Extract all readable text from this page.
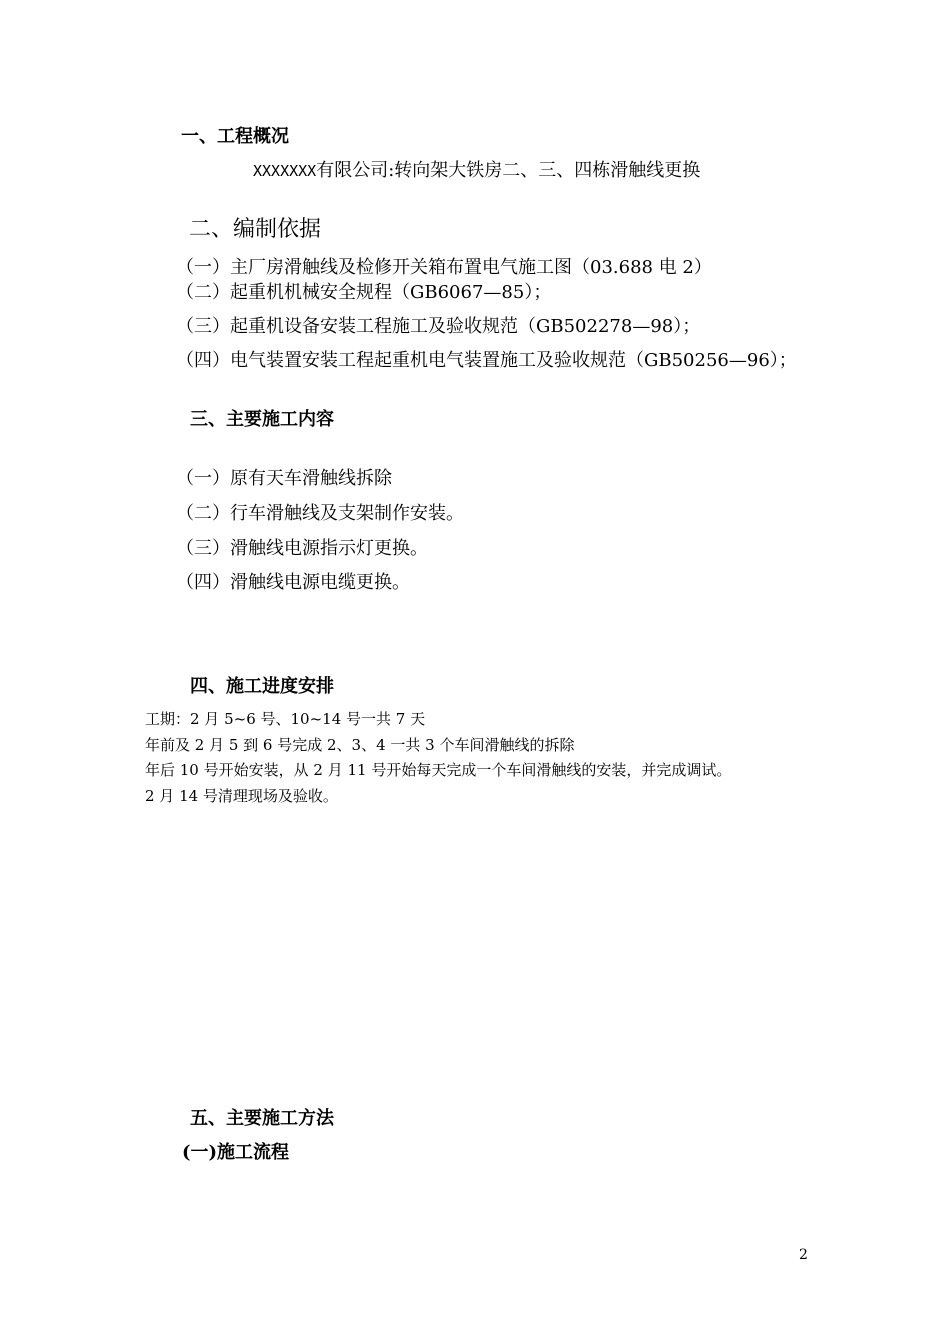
一、工程概况
XXXXXXX有限公司:转向架大铁房二、三、四栋滑触线更换
二、编制依据
（一）主厂房滑触线及检修开关箱布置电气施工图（03.688 电 2）
（二）起重机机械安全规程（GB6067—85）；
（三）起重机设备安装工程施工及验收规范（GB502278—98）；
（四）电气装置安装工程起重机电气装置施工及验收规范（GB50256—96）；
三、主要施工内容
（一）原有天车滑触线拆除
（二）行车滑触线及支架制作安装。
（三）滑触线电源指示灯更换。
（四）滑触线电源电缆更换。
四、施工进度安排
工期：2 月 5~6 号、10~14 号一共 7 天
年前及 2 月 5 到 6 号完成 2、3、4 一共 3 个车间滑触线的拆除
年后 10 号开始安装，从 2 月 11 号开始每天完成一个车间滑触线的安装，并完成调试。
2 月 14 号清理现场及验收。
五、主要施工方法
(一)施工流程
2
